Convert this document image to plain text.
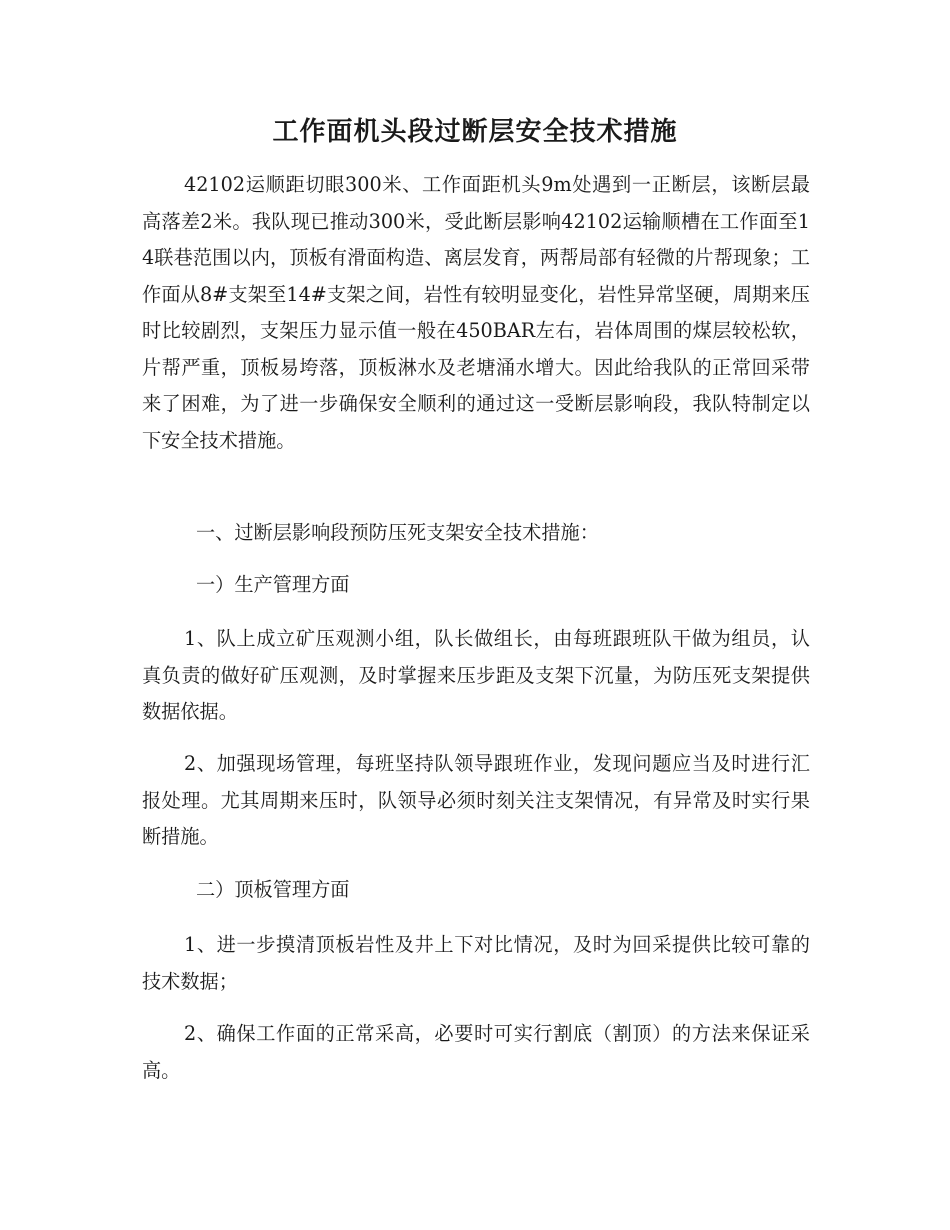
工作面机头段过断层安全技术措施

42102运顺距切眼300米、工作面距机头9m处遇到一正断层，该断层最高落差2米。我队现已推动300米，受此断层影响42102运输顺槽在工作面至14联巷范围以内，顶板有滑面构造、离层发育，两帮局部有轻微的片帮现象；工作面从8#支架至14#支架之间，岩性有较明显变化，岩性异常坚硬，周期来压时比较剧烈，支架压力显示值一般在450BAR左右，岩体周围的煤层较松软，片帮严重，顶板易垮落，顶板淋水及老塘涌水增大。因此给我队的正常回采带来了困难，为了进一步确保安全顺利的通过这一受断层影响段，我队特制定以下安全技术措施。

一、过断层影响段预防压死支架安全技术措施：

一）生产管理方面

1、队上成立矿压观测小组，队长做组长，由每班跟班队干做为组员，认真负责的做好矿压观测，及时掌握来压步距及支架下沉量，为防压死支架提供数据依据。

2、加强现场管理，每班坚持队领导跟班作业，发现问题应当及时进行汇报处理。尤其周期来压时，队领导必须时刻关注支架情况，有异常及时实行果断措施。

二）顶板管理方面

1、进一步摸清顶板岩性及井上下对比情况，及时为回采提供比较可靠的技术数据；

2、确保工作面的正常采高，必要时可实行割底（割顶）的方法来保证采高。
